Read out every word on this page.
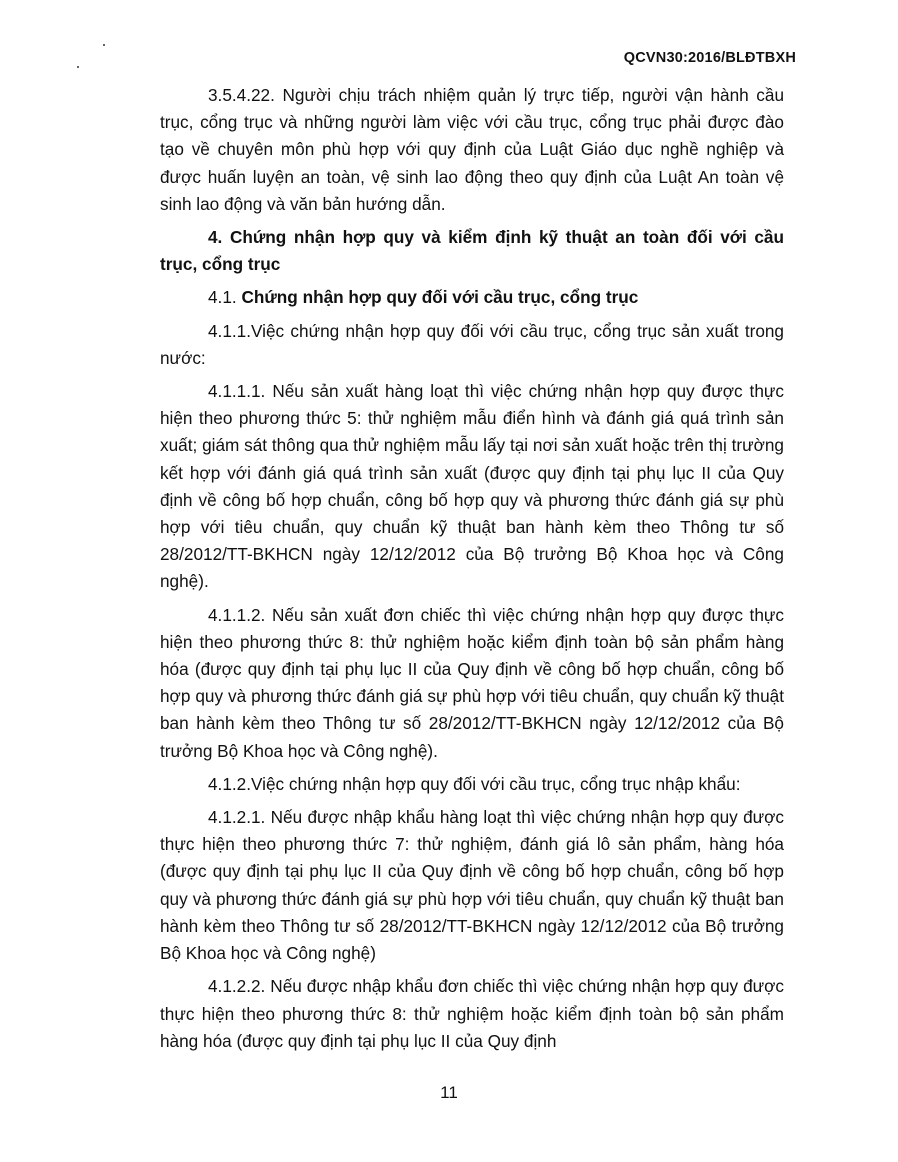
QCVN30:2016/BLĐTBXH

3.5.4.22. Người chịu trách nhiệm quản lý trực tiếp, người vận hành cầu trục, cổng trục và những người làm việc với cầu trục, cổng trục phải được đào tạo về chuyên môn phù hợp với quy định của Luật Giáo dục nghề nghiệp và được huấn luyện an toàn, vệ sinh lao động theo quy định của Luật An toàn vệ sinh lao động và văn bản hướng dẫn.

4. Chứng nhận hợp quy và kiểm định kỹ thuật an toàn đối với cầu trục, cổng trục

4.1. Chứng nhận hợp quy đối với cầu trục, cổng trục

4.1.1.Việc chứng nhận hợp quy đối với cầu trục, cổng trục sản xuất trong nước:

4.1.1.1. Nếu sản xuất hàng loạt thì việc chứng nhận hợp quy được thực hiện theo phương thức 5: thử nghiệm mẫu điển hình và đánh giá quá trình sản xuất; giám sát thông qua thử nghiệm mẫu lấy tại nơi sản xuất hoặc trên thị trường kết hợp với đánh giá quá trình sản xuất (được quy định tại phụ lục II của Quy định về công bố hợp chuẩn, công bố hợp quy và phương thức đánh giá sự phù hợp với tiêu chuẩn, quy chuẩn kỹ thuật ban hành kèm theo Thông tư số 28/2012/TT-BKHCN ngày 12/12/2012 của Bộ trưởng Bộ Khoa học và Công nghệ).

4.1.1.2. Nếu sản xuất đơn chiếc thì việc chứng nhận hợp quy được thực hiện theo phương thức 8: thử nghiệm hoặc kiểm định toàn bộ sản phẩm hàng hóa (được quy định tại phụ lục II của Quy định về công bố hợp chuẩn, công bố hợp quy và phương thức đánh giá sự phù hợp với tiêu chuẩn, quy chuẩn kỹ thuật ban hành kèm theo Thông tư số 28/2012/TT-BKHCN ngày 12/12/2012 của Bộ trưởng Bộ Khoa học và Công nghệ).

4.1.2.Việc chứng nhận hợp quy đối với cầu trục, cổng trục nhập khẩu:

4.1.2.1. Nếu được nhập khẩu hàng loạt thì việc chứng nhận hợp quy được thực hiện theo phương thức 7: thử nghiệm, đánh giá lô sản phẩm, hàng hóa (được quy định tại phụ lục II của Quy định về công bố hợp chuẩn, công bố hợp quy và phương thức đánh giá sự phù hợp với tiêu chuẩn, quy chuẩn kỹ thuật ban hành kèm theo Thông tư số 28/2012/TT-BKHCN ngày 12/12/2012 của Bộ trưởng Bộ Khoa học và Công nghệ)

4.1.2.2. Nếu được nhập khẩu đơn chiếc thì việc chứng nhận hợp quy được thực hiện theo phương thức 8: thử nghiệm hoặc kiểm định toàn bộ sản phẩm hàng hóa (được quy định tại phụ lục II của Quy định

11
